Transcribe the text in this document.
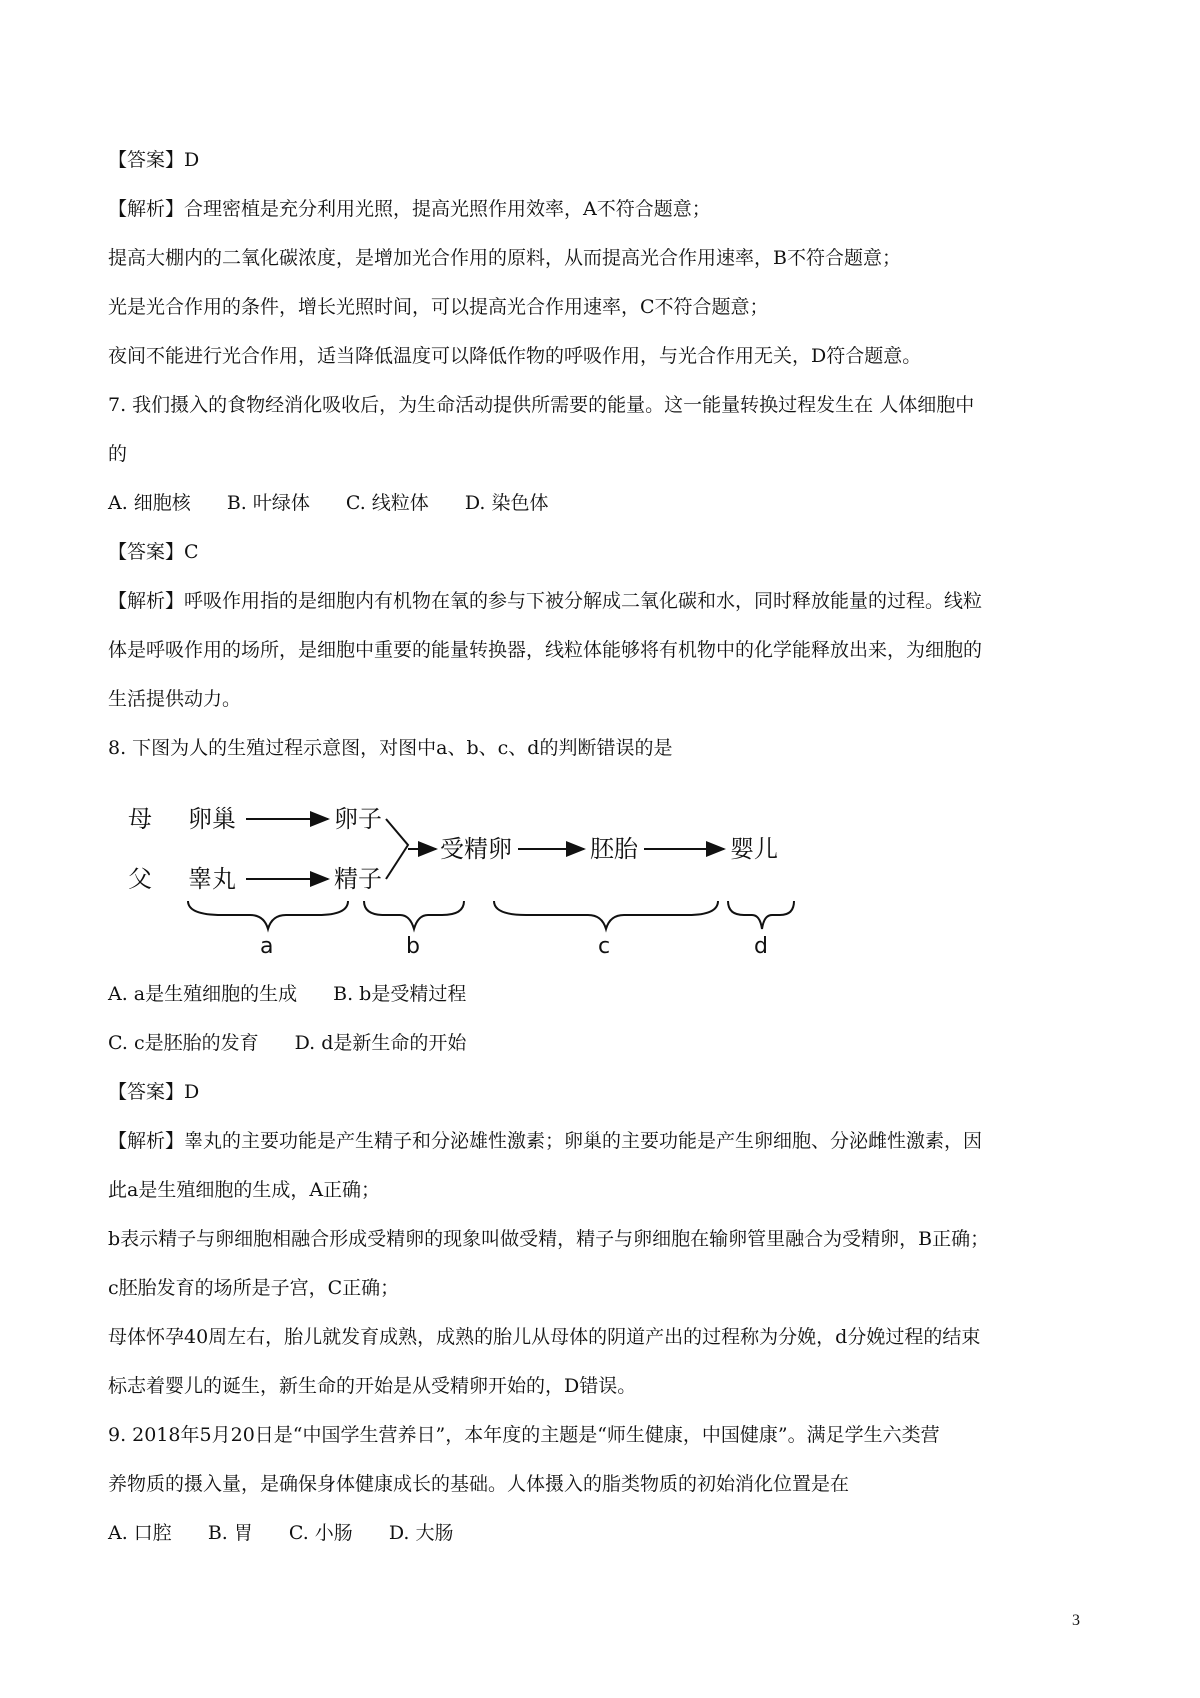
【答案】D
【解析】合理密植是充分利用光照，提高光照作用效率，A不符合题意；
提高大棚内的二氧化碳浓度，是增加光合作用的原料，从而提高光合作用速率，B不符合题意；
光是光合作用的条件，增长光照时间，可以提高光合作用速率，C不符合题意；
夜间不能进行光合作用，适当降低温度可以降低作物的呼吸作用，与光合作用无关，D符合题意。
7. 我们摄入的食物经消化吸收后，为生命活动提供所需要的能量。这一能量转换过程发生在 人体细胞中
的
A. 细胞核 B. 叶绿体 C. 线粒体 D. 染色体
【答案】C
【解析】呼吸作用指的是细胞内有机物在氧的参与下被分解成二氧化碳和水，同时释放能量的过程。线粒
体是呼吸作用的场所，是细胞中重要的能量转换器，线粒体能够将有机物中的化学能释放出来，为细胞的
生活提供动力。
8. 下图为人的生殖过程示意图，对图中a、b、c、d的判断错误的是
母 卵巢	卵子
父 睾丸	精子
受精卵	胚胎	婴儿
a	b	c	d
A. a是生殖细胞的生成 B. b是受精过程
C. c是胚胎的发育 D. d是新生命的开始
【答案】D
【解析】睾丸的主要功能是产生精子和分泌雄性激素；卵巢的主要功能是产生卵细胞、分泌雌性激素，因
此a是生殖细胞的生成，A正确；
b表示精子与卵细胞相融合形成受精卵的现象叫做受精，精子与卵细胞在输卵管里融合为受精卵，B正确；
c胚胎发育的场所是子宫，C正确；
母体怀孕40周左右，胎儿就发育成熟，成熟的胎儿从母体的阴道产出的过程称为分娩，d分娩过程的结束
标志着婴儿的诞生，新生命的开始是从受精卵开始的，D错误。
9. 2018年5月20日是“中国学生营养日”，本年度的主题是“师生健康，中国健康”。满足学生六类营
养物质的摄入量，是确保身体健康成长的基础。人体摄入的脂类物质的初始消化位置是在
A. 口腔 B. 胃 C. 小肠 D. 大肠
3
